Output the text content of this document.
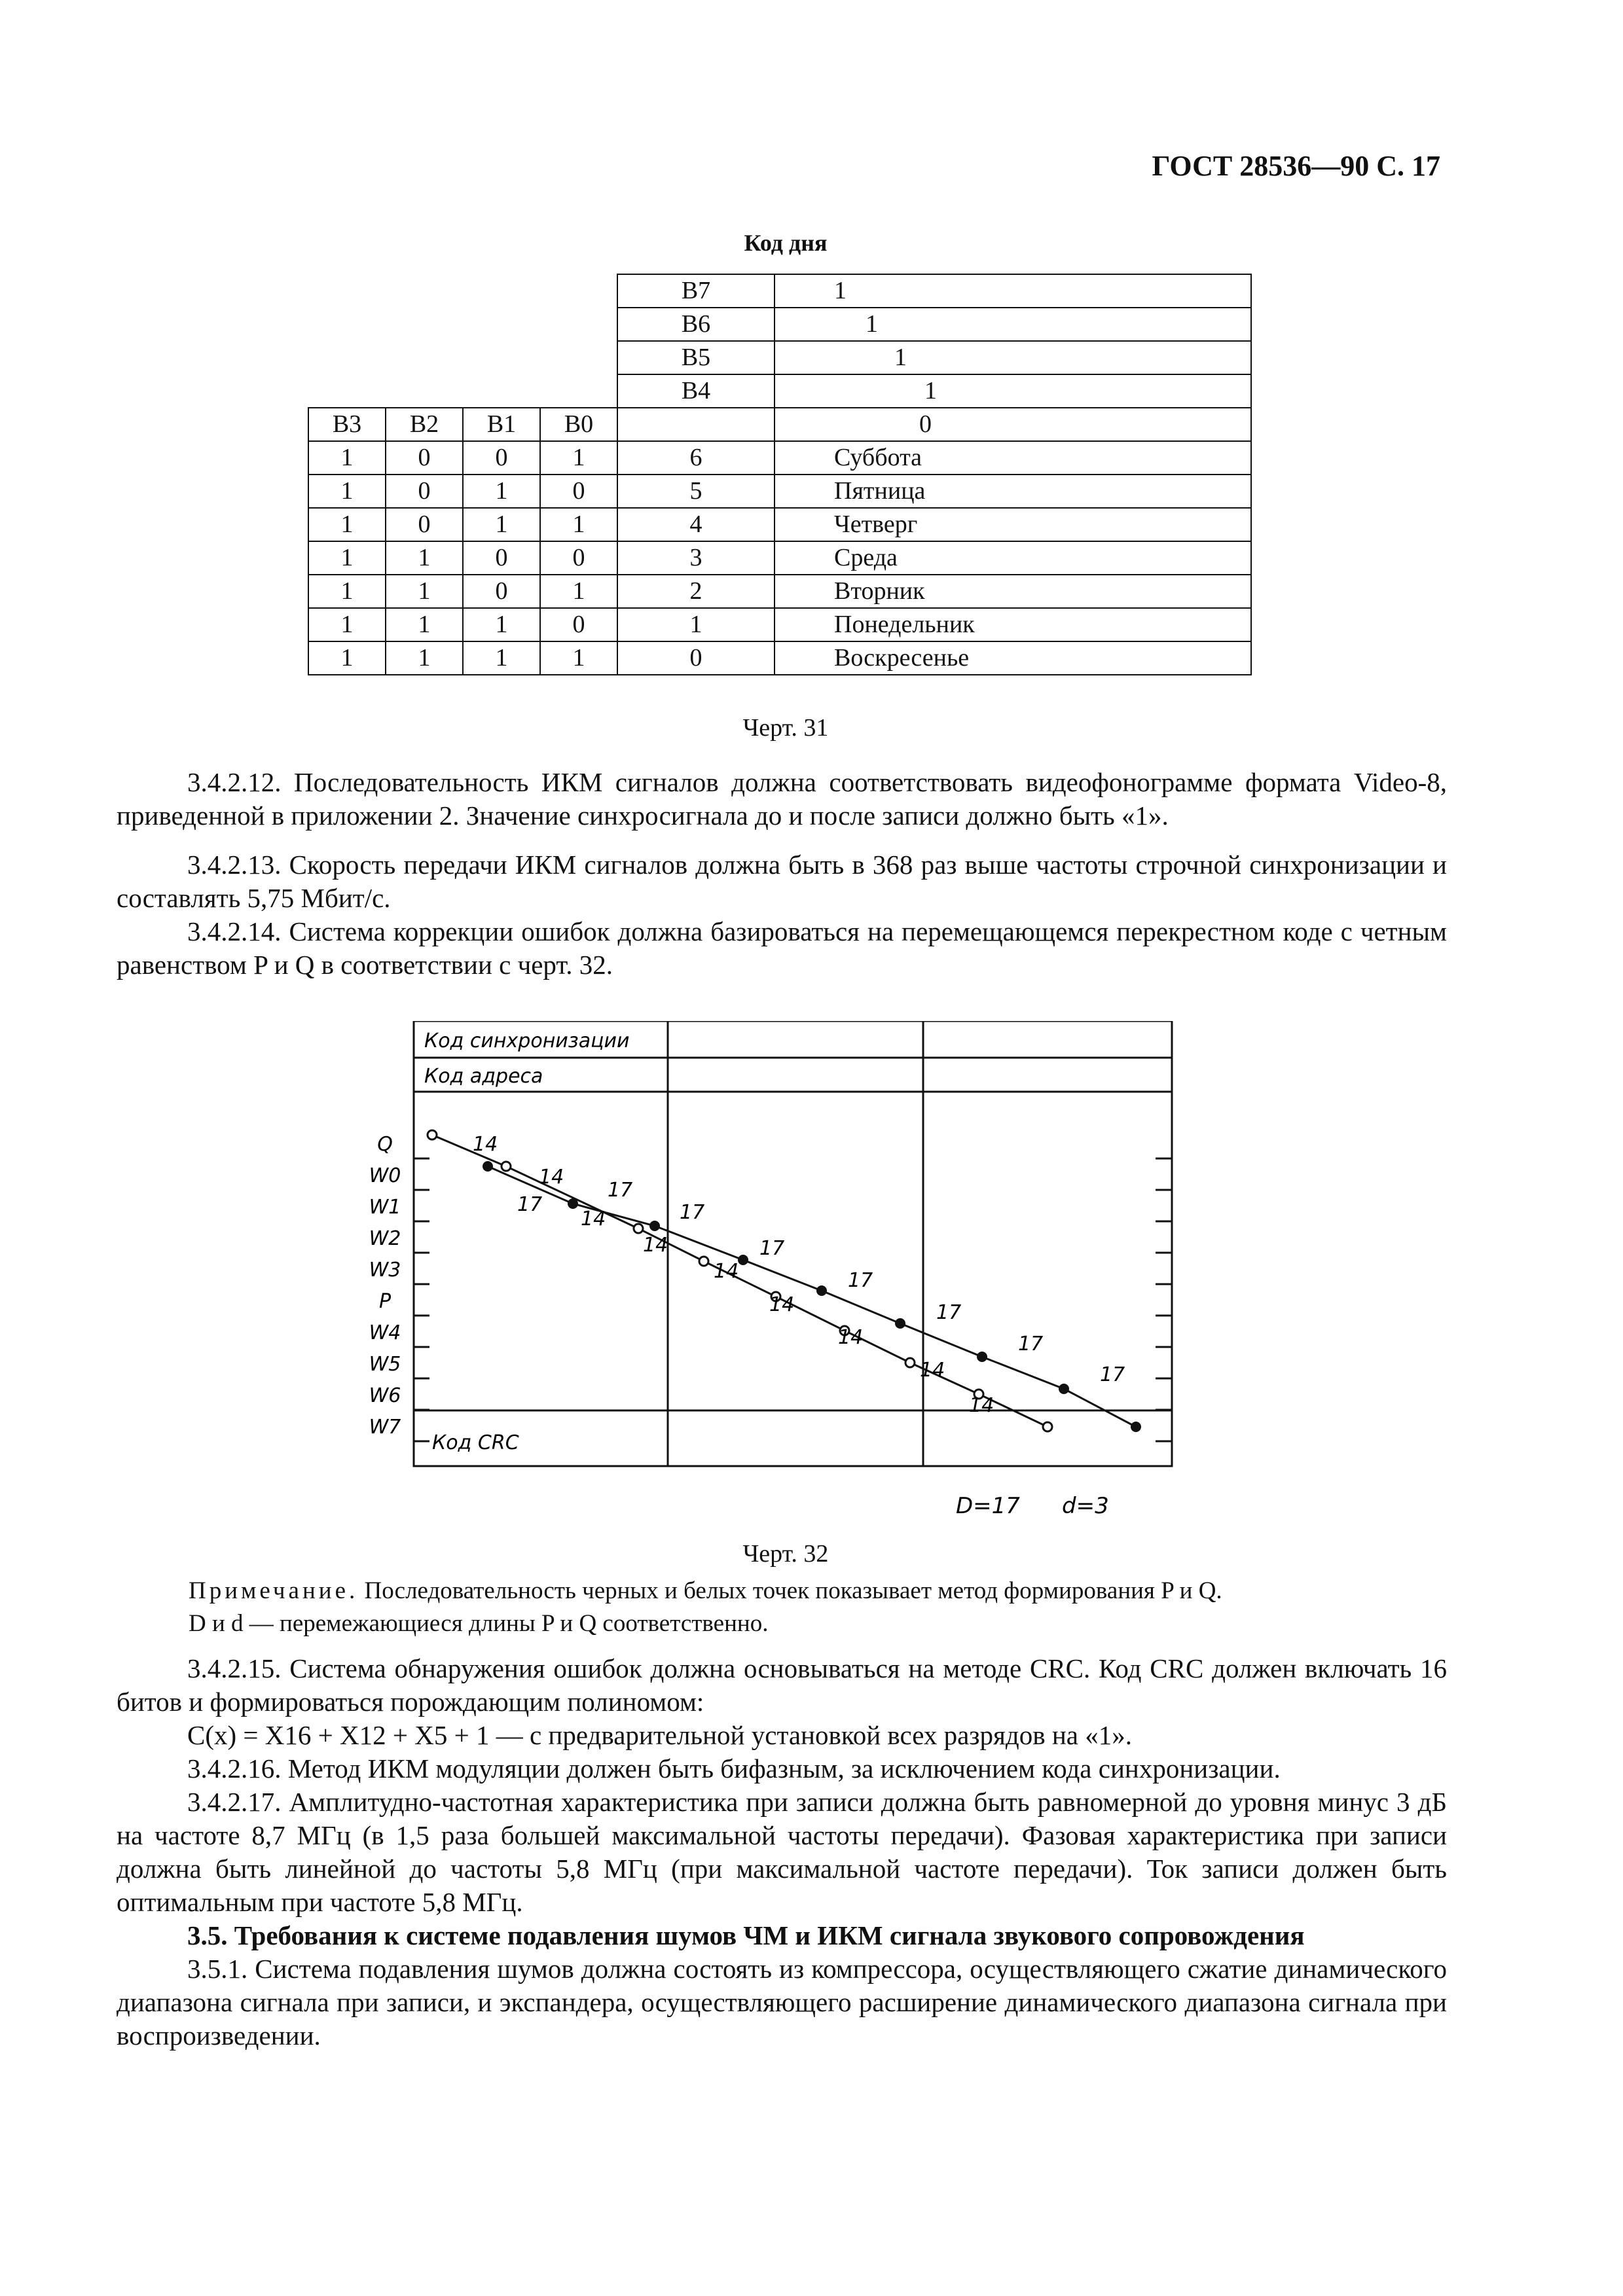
ГОСТ 28536—90 С. 17
Код дня
				B7	1
				B6	1
				B5	1
				B4	1
B3	B2	B1	B0		0
1	0	0	1	6	Суббота
1	0	1	0	5	Пятница
1	0	1	1	4	Четверг
1	1	0	0	3	Среда
1	1	0	1	2	Вторник
1	1	1	0	1	Понедельник
1	1	1	1	0	Воскресенье
Черт. 31

3.4.2.12. Последовательность ИКМ сигналов должна соответствовать видеофонограмме формата Video-8, приведенной в приложении 2. Значение синхросигнала до и после записи должно быть «1».

3.4.2.13. Скорость передачи ИКМ сигналов должна быть в 368 раз выше частоты строчной синхронизации и составлять 5,75 Мбит/с.

3.4.2.14. Система коррекции ошибок должна базироваться на перемещающемся перекрестном коде с четным равенством P и Q в соответствии с черт. 32.

Код синхронизации
Код адреса
Код CRC
Q
W0
W1
W2
W3
P
W4
W5
W6
W7
14
14
14
14
14
14
14
14
14
17
17
17
17
17
17
17
17
D=17 d=3
Черт. 32
Примечание. Последовательность черных и белых точек показывает метод формирования P и Q.
D и d — перемежающиеся длины P и Q соответственно.

3.4.2.15. Система обнаружения ошибок должна основываться на методе CRC. Код CRC должен включать 16 битов и формироваться порождающим полиномом:

C(x) = X16 + X12 + X5 + 1 — с предварительной установкой всех разрядов на «1».

3.4.2.16. Метод ИКМ модуляции должен быть бифазным, за исключением кода синхронизации.

3.4.2.17. Амплитудно-частотная характеристика при записи должна быть равномерной до уровня минус 3 дБ на частоте 8,7 МГц (в 1,5 раза большей максимальной частоты передачи). Фазовая характеристика при записи должна быть линейной до частоты 5,8 МГц (при максимальной частоте передачи). Ток записи должен быть оптимальным при частоте 5,8 МГц.

3.5. Требования к системе подавления шумов ЧМ и ИКМ сигнала звукового сопровождения

3.5.1. Система подавления шумов должна состоять из компрессора, осуществляющего сжатие динамического диапазона сигнала при записи, и экспандера, осуществляющего расширение динамического диапазона сигнала при воспроизведении.
